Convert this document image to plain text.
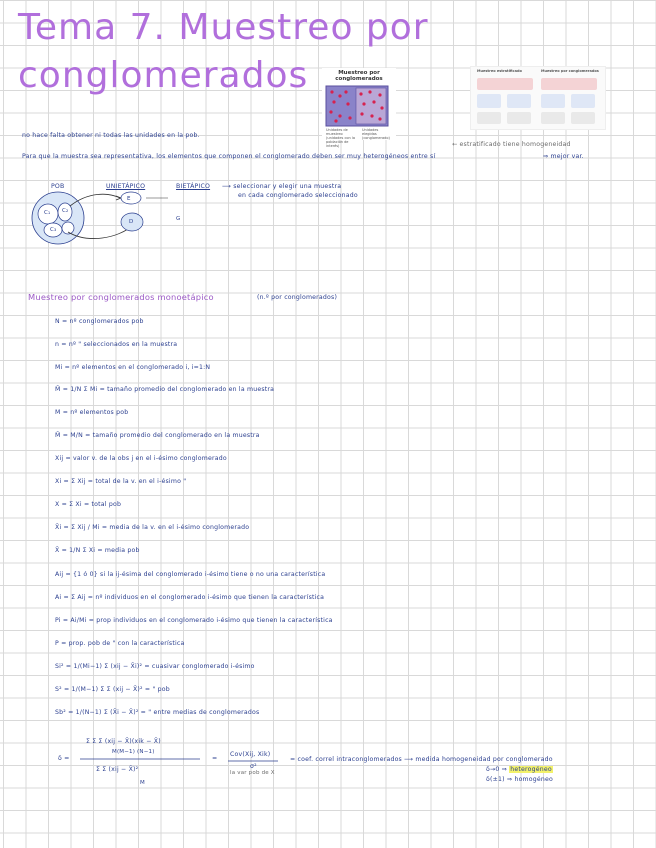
Tema 7. Muestreo por
conglomerados	Muestreo por conglomerados
Unidades de muestreo (unidades con la población de interés)
Unidades elegidas (conglomerado)
Muestreo estratificado	Muestreo por conglomerados
no hace falta obtener ni todas las unidades en la pob.
Para que la muestra sea representativa, los elementos que componen el conglomerado deben ser muy heterogéneos entre sí	⇒ mejor var.
← estratificado tiene homogeneidad
POB	UNIETÁPICO	BIETÁPICO ⟶ seleccionar y elegir una muestra
en cada conglomerado seleccionado
C₁ C₂
C₃
E
D	G
Muestreo por conglomerados monoetápico	(n.º por conglomerados)
N = nº conglomerados pob
n = nº " seleccionados en la muestra
Mi = nº elementos en el conglomerado i, i=1:N
M̄ = 1/N Σ Mi = tamaño promedio del conglomerado en la muestra
M = nº elementos pob
M̄ = M/N = tamaño promedio del conglomerado en la muestra
Xij = valor v. de la obs j en el i-ésimo conglomerado
Xi = Σ Xij = total de la v. en el i-ésimo "
X = Σ Xi = total pob
X̄i = Σ Xij / Mi = media de la v. en el i-ésimo conglomerado
X̄ = 1/N Σ Xi = media pob
Aij = {1 ó 0} si la ij-ésima del conglomerado i-ésimo tiene o no una característica
Ai = Σ Aij = nº individuos en el conglomerado i-ésimo que tienen la característica
Pi = Ai/Mi = prop individuos en el conglomerado i-ésimo que tienen la característica
P = prop. pob de " con la característica
Si² = 1/(Mi−1) Σ (xij − X̄i)² = cuasivar conglomerado i-ésimo
S² = 1/(M−1) Σ Σ (xij − X̄)² = " pob
Sb² = 1/(N−1) Σ (X̄i − X̄)² = " entre medias de conglomerados
δ =
Σ Σ Σ (xij − X̄)(xik − X̄)
M(M−1) (N−1)
Σ Σ (xij − X̄)²
M
=
Cov(Xij, Xik)
σ²
la var pob de X
= coef. correl intraconglomerados ⟶ medida homogeneidad por conglomerado
δ→0 ⇒ heterogéneo
δ(±1) ⇒ homogéneo
